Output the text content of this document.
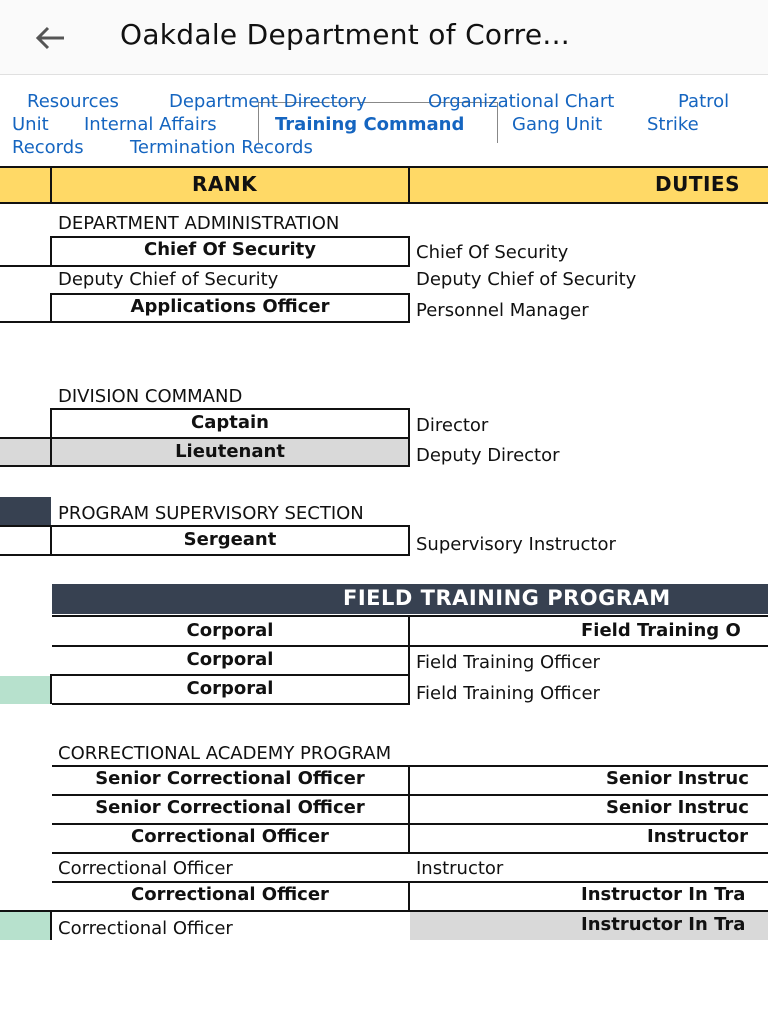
Oakdale Department of Corre...
Resources	Department Directory	Organizational Chart	Patrol
Unit Internal Affairs	Training Command	Gang Unit Strike
Records	Termination Records
RANK	DUTIES
DEPARTMENT ADMINISTRATION
Chief Of Security	Chief Of Security
Deputy Chief of Security	Deputy Chief of Security
Applications Officer	Personnel Manager
DIVISION COMMAND
Captain	Director
Lieutenant	Deputy Director
PROGRAM SUPERVISORY SECTION
Sergeant	Supervisory Instructor
FIELD TRAINING PROGRAM
Corporal	Field Training O
Corporal	Field Training Officer
Corporal	Field Training Officer
CORRECTIONAL ACADEMY PROGRAM
Senior Correctional Officer	Senior Instruc
Senior Correctional Officer	Senior Instruc
Correctional Officer	Instructor
Correctional Officer	Instructor
Correctional Officer	Instructor In Tra
Correctional Officer	Instructor In Tra
